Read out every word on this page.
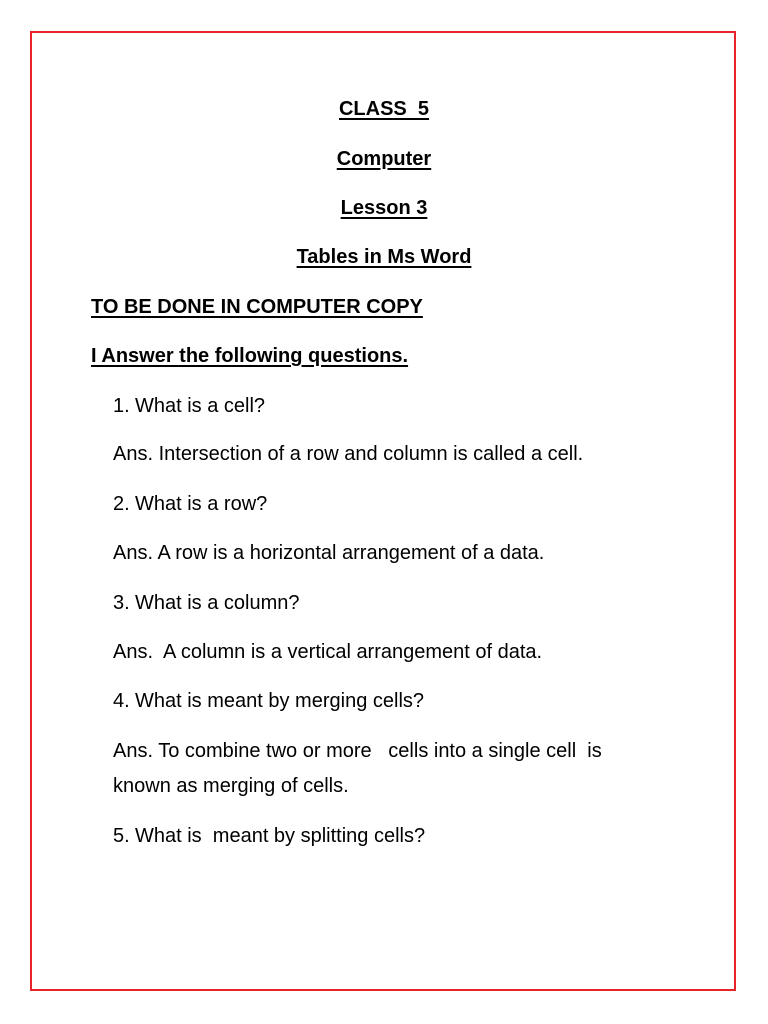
CLASS  5
Computer
Lesson 3
Tables in Ms Word
TO BE DONE IN COMPUTER COPY
I Answer the following questions.
1. What is a cell?
Ans. Intersection of a row and column is called a cell.
2. What is a row?
Ans. A row is a horizontal arrangement of a data.
3. What is a column?
Ans.  A column is a vertical arrangement of data.
4. What is meant by merging cells?
Ans. To combine two or more   cells into a single cell  is
known as merging of cells.
5. What is  meant by splitting cells?
